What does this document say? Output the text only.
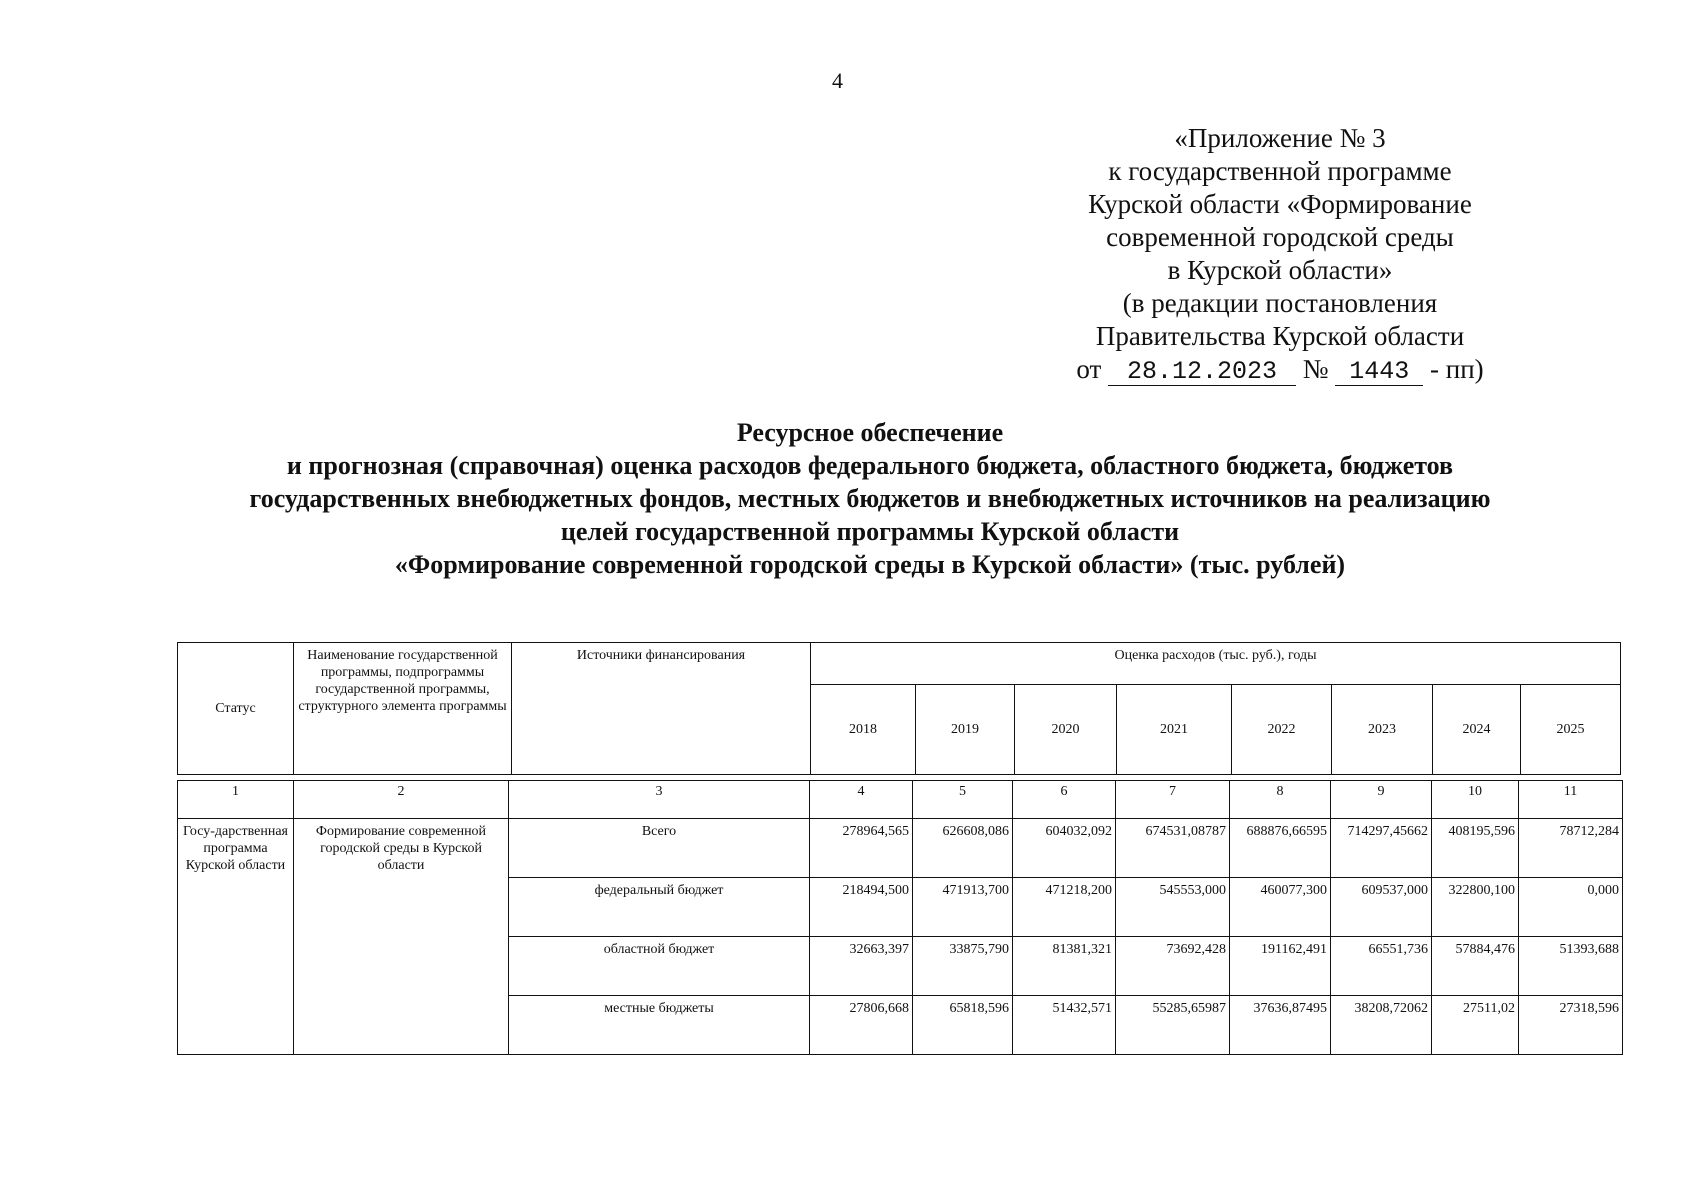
4
«Приложение № 3
к государственной программе
Курской области «Формирование
современной городской среды
в Курской области»
(в редакции постановления
Правительства Курской области
от 28.12.2023 № 1443 - пп)
Ресурсное обеспечение
и прогнозная (справочная) оценка расходов федерального бюджета, областного бюджета, бюджетов
государственных внебюджетных фондов, местных бюджетов и внебюджетных источников на реализацию
целей государственной программы Курской области
«Формирование современной городской среды в Курской области» (тыс. рублей)
Статус	Наименование государственной программы, подпрограммы государственной программы, структурного элемента программы	Источники финансирования	Оценка расходов (тыс. руб.), годы							
			2018	2019	2020	2021	2022	2023	2024	2025
1	2	3	4	5	6	7	8	9	10	11
Госу-дарственная программа Курской области	Формирование современной городской среды в Курской области	Всего	278964,565	626608,086	604032,092	674531,08787	688876,66595	714297,45662	408195,596	78712,284
		федеральный бюджет	218494,500	471913,700	471218,200	545553,000	460077,300	609537,000	322800,100	0,000
		областной бюджет	32663,397	33875,790	81381,321	73692,428	191162,491	66551,736	57884,476	51393,688
		местные бюджеты	27806,668	65818,596	51432,571	55285,65987	37636,87495	38208,72062	27511,02	27318,596
